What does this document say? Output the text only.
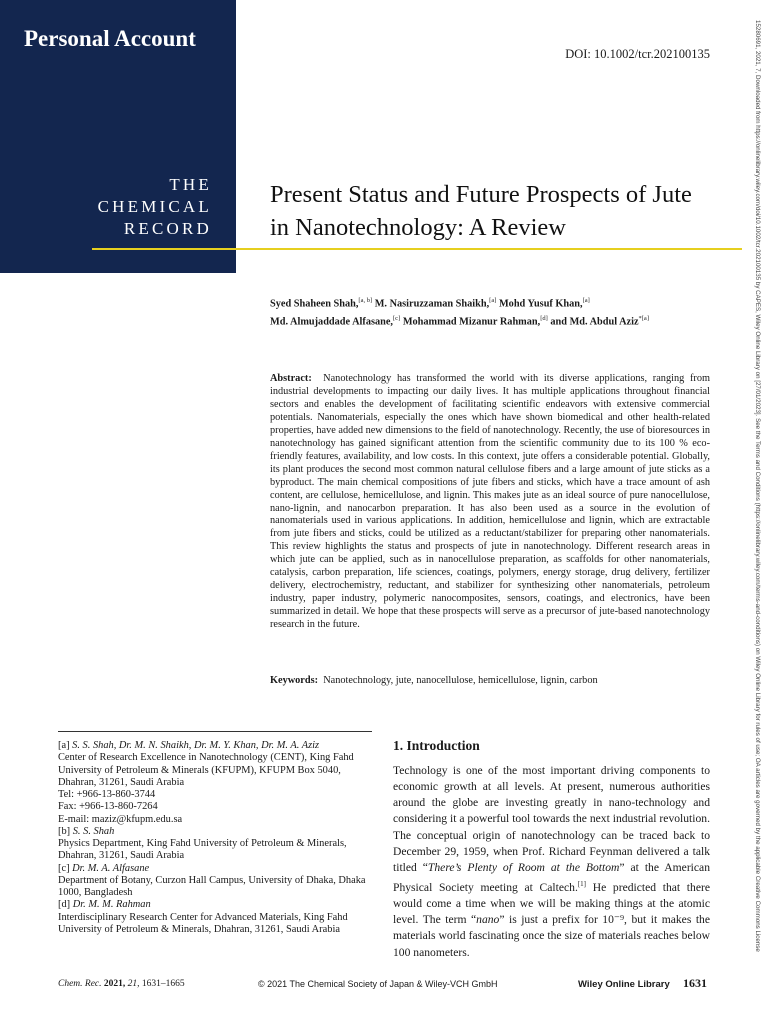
Personal Account
THE
CHEMICAL
RECORD
DOI: 10.1002/tcr.202100135
Present Status and Future Prospects of Jute in Nanotechnology: A Review
Syed Shaheen Shah,[a, b] M. Nasiruzzaman Shaikh,[a] Mohd Yusuf Khan,[a]
Md. Almujaddade Alfasane,[c] Mohammad Mizanur Rahman,[d] and Md. Abdul Aziz$^{*[a]}$
Abstract: Nanotechnology has transformed the world with its diverse applications, ranging from industrial developments to impacting our daily lives. It has multiple applications throughout financial sectors and enables the development of facilitating scientific endeavors with extensive commercial potentials. Nanomaterials, especially the ones which have shown biomedical and other health-related properties, have added new dimensions to the field of nanotechnology. Recently, the use of bioresources in nanotechnology has gained significant attention from the scientific community due to its 100 % eco-friendly features, availability, and low costs. In this context, jute offers a considerable potential. Globally, its plant produces the second most common natural cellulose fibers and a large amount of jute sticks as a byproduct. The main chemical compositions of jute fibers and sticks, which have a trace amount of ash content, are cellulose, hemicellulose, and lignin. This makes jute as an ideal source of pure nanocellulose, nano-lignin, and nanocarbon preparation. It has also been used as a source in the evolution of nanomaterials used in various applications. In addition, hemicellulose and lignin, which are extractable from jute fibers and sticks, could be utilized as a reductant/stabilizer for preparing other nanomaterials. This review highlights the status and prospects of jute in nanotechnology. Different research areas in which jute can be applied, such as in nanocellulose preparation, as scaffolds for other nanomaterials, catalysis, carbon preparation, life sciences, coatings, polymers, energy storage, drug delivery, fertilizer delivery, electrochemistry, reductant, and stabilizer for synthesizing other nanomaterials, petroleum industry, paper industry, polymeric nanocomposites, sensors, coatings, and electronics, have been summarized in detail. We hope that these prospects will serve as a precursor of jute-based nanotechnology research in the future.
Keywords: Nanotechnology, jute, nanocellulose, hemicellulose, lignin, carbon
[a] S. S. Shah, Dr. M. N. Shaikh, Dr. M. Y. Khan, Dr. M. A. Aziz
Center of Research Excellence in Nanotechnology (CENT), King Fahd University of Petroleum & Minerals (KFUPM), KFUPM Box 5040, Dhahran, 31261, Saudi Arabia
Tel: +966-13-860-3744
Fax: +966-13-860-7264
E-mail: maziz@kfupm.edu.sa
[b] S. S. Shah
Physics Department, King Fahd University of Petroleum & Minerals, Dhahran, 31261, Saudi Arabia
[c] Dr. M. A. Alfasane
Department of Botany, Curzon Hall Campus, University of Dhaka, Dhaka 1000, Bangladesh
[d] Dr. M. M. Rahman
Interdisciplinary Research Center for Advanced Materials, King Fahd University of Petroleum & Minerals, Dhahran, 31261, Saudi Arabia
1. Introduction
Technology is one of the most important driving components to economic growth at all levels. At present, numerous authorities around the globe are investing greatly in nano-technology and considering it a powerful tool towards the next industrial revolution. The conceptual origin of nanotechnology can be traced back to December 29, 1959, when Prof. Richard Feynman delivered a talk titled “There’s Plenty of Room at the Bottom” at the American Physical Society meeting at Caltech.[1] He predicted that there would come a time when we will be making things at the atomic level. The term “nano” is just a prefix for 10⁻⁹, but it makes the materials world fascinating once the size of materials reaches below 100 nanometers.
Chem. Rec. 2021, 21, 1631–1665	© 2021 The Chemical Society of Japan & Wiley-VCH GmbH	Wiley Online Library 1631
15280691, 2021, 7, Downloaded from https://onlinelibrary.wiley.com/doi/10.1002/tcr.202100135 by CAPES, Wiley Online Library on [27/01/2023]. See the Terms and Conditions (https://onlinelibrary.wiley.com/terms-and-conditions) on Wiley Online Library for rules of use; OA articles are governed by the applicable Creative Commons License
